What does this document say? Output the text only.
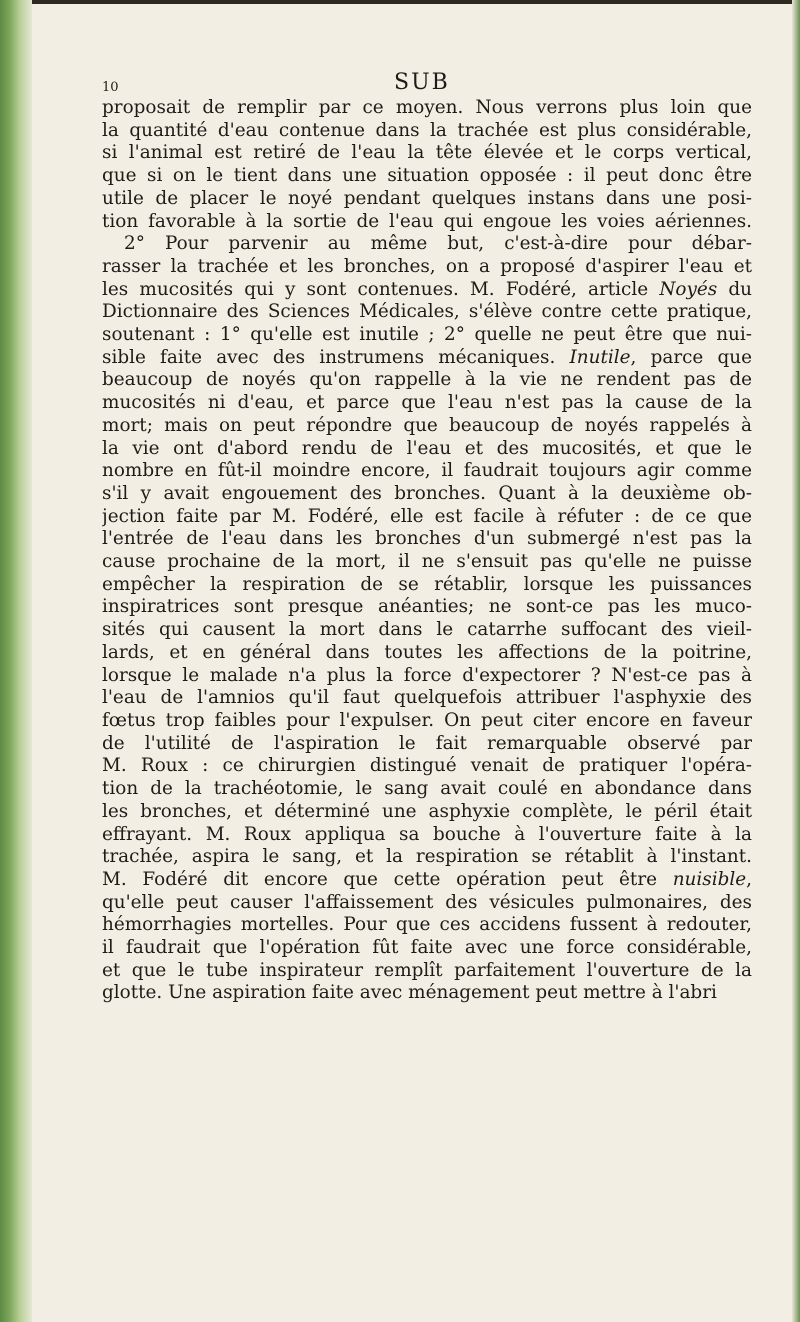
10	SUB
proposait de remplir par ce moyen. Nous verrons plus loin que
la quantité d'eau contenue dans la trachée est plus considérable,
si l'animal est retiré de l'eau la tête élevée et le corps vertical,
que si on le tient dans une situation opposée : il peut donc être
utile de placer le noyé pendant quelques instans dans une posi-
tion favorable à la sortie de l'eau qui engoue les voies aériennes.
2° Pour parvenir au même but, c'est-à-dire pour débar-
rasser la trachée et les bronches, on a proposé d'aspirer l'eau et
les mucosités qui y sont contenues. M. Fodéré, article Noyés du
Dictionnaire des Sciences Médicales, s'élève contre cette pratique,
soutenant : 1° qu'elle est inutile ; 2° quelle ne peut être que nui-
sible faite avec des instrumens mécaniques. Inutile, parce que
beaucoup de noyés qu'on rappelle à la vie ne rendent pas de
mucosités ni d'eau, et parce que l'eau n'est pas la cause de la
mort; mais on peut répondre que beaucoup de noyés rappelés à
la vie ont d'abord rendu de l'eau et des mucosités, et que le
nombre en fût-il moindre encore, il faudrait toujours agir comme
s'il y avait engouement des bronches. Quant à la deuxième ob-
jection faite par M. Fodéré, elle est facile à réfuter : de ce que
l'entrée de l'eau dans les bronches d'un submergé n'est pas la
cause prochaine de la mort, il ne s'ensuit pas qu'elle ne puisse
empêcher la respiration de se rétablir, lorsque les puissances
inspiratrices sont presque anéanties; ne sont-ce pas les muco-
sités qui causent la mort dans le catarrhe suffocant des vieil-
lards, et en général dans toutes les affections de la poitrine,
lorsque le malade n'a plus la force d'expectorer ? N'est-ce pas à
l'eau de l'amnios qu'il faut quelquefois attribuer l'asphyxie des
fœtus trop faibles pour l'expulser. On peut citer encore en faveur
de l'utilité de l'aspiration le fait remarquable observé par
M. Roux : ce chirurgien distingué venait de pratiquer l'opéra-
tion de la trachéotomie, le sang avait coulé en abondance dans
les bronches, et déterminé une asphyxie complète, le péril était
effrayant. M. Roux appliqua sa bouche à l'ouverture faite à la
trachée, aspira le sang, et la respiration se rétablit à l'instant.
M. Fodéré dit encore que cette opération peut être nuisible,
qu'elle peut causer l'affaissement des vésicules pulmonaires, des
hémorrhagies mortelles. Pour que ces accidens fussent à redouter,
il faudrait que l'opération fût faite avec une force considérable,
et que le tube inspirateur remplît parfaitement l'ouverture de la
glotte. Une aspiration faite avec ménagement peut mettre à l'abri
